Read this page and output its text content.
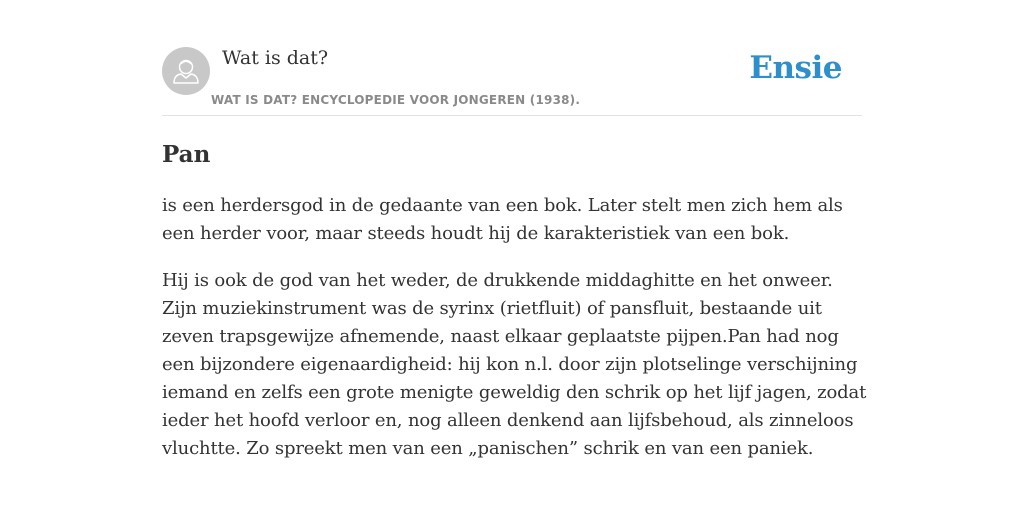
Wat is dat?
WAT IS DAT? ENCYCLOPEDIE VOOR JONGEREN (1938).
Ensie
Pan

is een herdersgod in de gedaante van een bok. Later stelt men zich hem als een herder voor, maar steeds houdt hij de karakteristiek van een bok.

Hij is ook de god van het weder, de drukkende middaghitte en het onweer. Zijn muziekinstrument was de syrinx (rietfluit) of pansfluit, bestaande uit zeven trapsgewijze afnemende, naast elkaar geplaatste pijpen.Pan had nog een bijzondere eigenaardigheid: hij kon n.l. door zijn plotselinge verschijning iemand en zelfs een grote menigte geweldig den schrik op het lijf jagen, zodat ieder het hoofd verloor en, nog alleen denkend aan lijfsbehoud, als zinneloos vluchtte. Zo spreekt men van een „panischen” schrik en van een paniek.
